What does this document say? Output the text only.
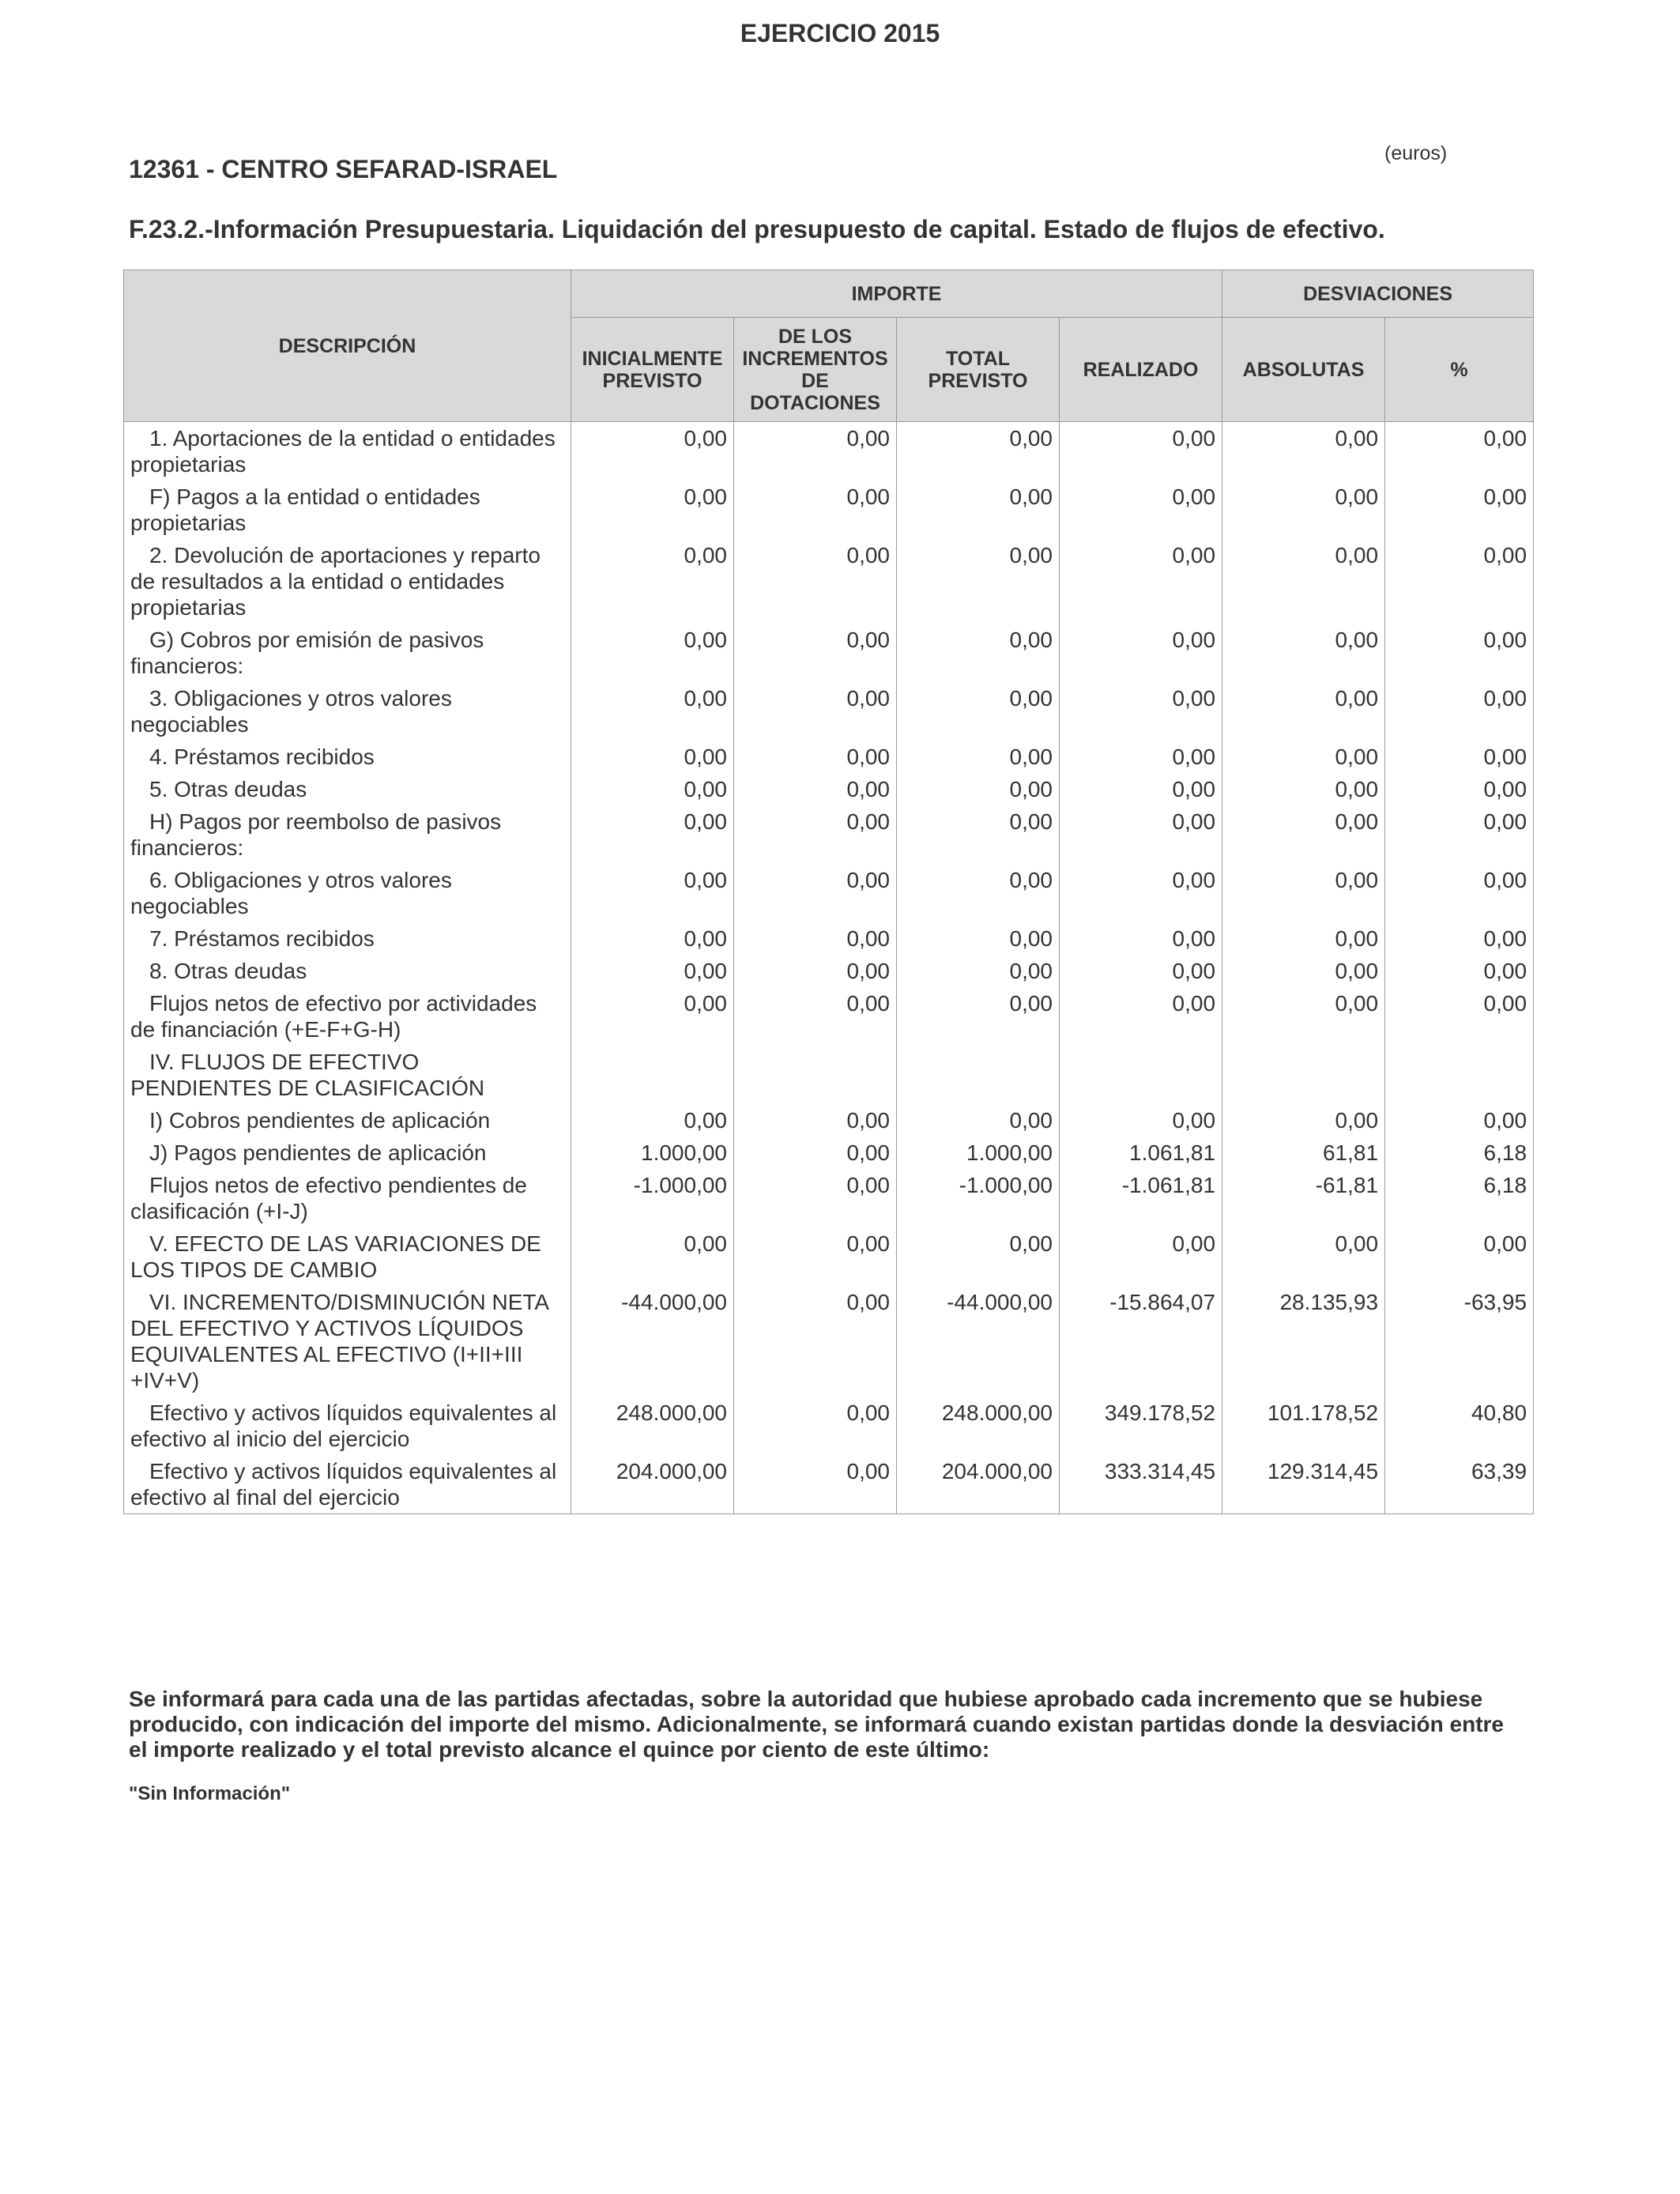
EJERCICIO 2015
(euros)
12361 - CENTRO SEFARAD-ISRAEL
F.23.2.-Información Presupuestaria. Liquidación del presupuesto de capital. Estado de flujos de efectivo.
DESCRIPCIÓN	IMPORTE				DESVIACIONES	
	INICIALMENTE PREVISTO	DE LOS INCREMENTOS DE DOTACIONES	TOTAL PREVISTO	REALIZADO	ABSOLUTAS	%
1. Aportaciones de la entidad o entidades propietarias	0,00	0,00	0,00	0,00	0,00	0,00
F) Pagos a la entidad o entidades propietarias	0,00	0,00	0,00	0,00	0,00	0,00
2. Devolución de aportaciones y reparto de resultados a la entidad o entidades propietarias	0,00	0,00	0,00	0,00	0,00	0,00
G) Cobros por emisión de pasivos financieros:	0,00	0,00	0,00	0,00	0,00	0,00
3. Obligaciones y otros valores negociables	0,00	0,00	0,00	0,00	0,00	0,00
4. Préstamos recibidos	0,00	0,00	0,00	0,00	0,00	0,00
5. Otras deudas	0,00	0,00	0,00	0,00	0,00	0,00
H) Pagos por reembolso de pasivos financieros:	0,00	0,00	0,00	0,00	0,00	0,00
6. Obligaciones y otros valores negociables	0,00	0,00	0,00	0,00	0,00	0,00
7. Préstamos recibidos	0,00	0,00	0,00	0,00	0,00	0,00
8. Otras deudas	0,00	0,00	0,00	0,00	0,00	0,00
Flujos netos de efectivo por actividades de financiación (+E-F+G-H)	0,00	0,00	0,00	0,00	0,00	0,00
IV. FLUJOS DE EFECTIVO PENDIENTES DE CLASIFICACIÓN						
I) Cobros pendientes de aplicación	0,00	0,00	0,00	0,00	0,00	0,00
J) Pagos pendientes de aplicación	1.000,00	0,00	1.000,00	1.061,81	61,81	6,18
Flujos netos de efectivo pendientes de clasificación (+I-J)	-1.000,00	0,00	-1.000,00	-1.061,81	-61,81	6,18
V. EFECTO DE LAS VARIACIONES DE LOS TIPOS DE CAMBIO	0,00	0,00	0,00	0,00	0,00	0,00
VI. INCREMENTO/DISMINUCIÓN NETA DEL EFECTIVO Y ACTIVOS LÍQUIDOS EQUIVALENTES AL EFECTIVO (I+II+III +IV+V)	-44.000,00	0,00	-44.000,00	-15.864,07	28.135,93	-63,95
Efectivo y activos líquidos equivalentes al efectivo al inicio del ejercicio	248.000,00	0,00	248.000,00	349.178,52	101.178,52	40,80
Efectivo y activos líquidos equivalentes al efectivo al final del ejercicio	204.000,00	0,00	204.000,00	333.314,45	129.314,45	63,39
Se informará para cada una de las partidas afectadas, sobre la autoridad que hubiese aprobado cada incremento que se hubiese producido, con indicación del importe del mismo. Adicionalmente, se informará cuando existan partidas donde la desviación entre el importe realizado y el total previsto alcance el quince por ciento de este último:
"Sin Información"
